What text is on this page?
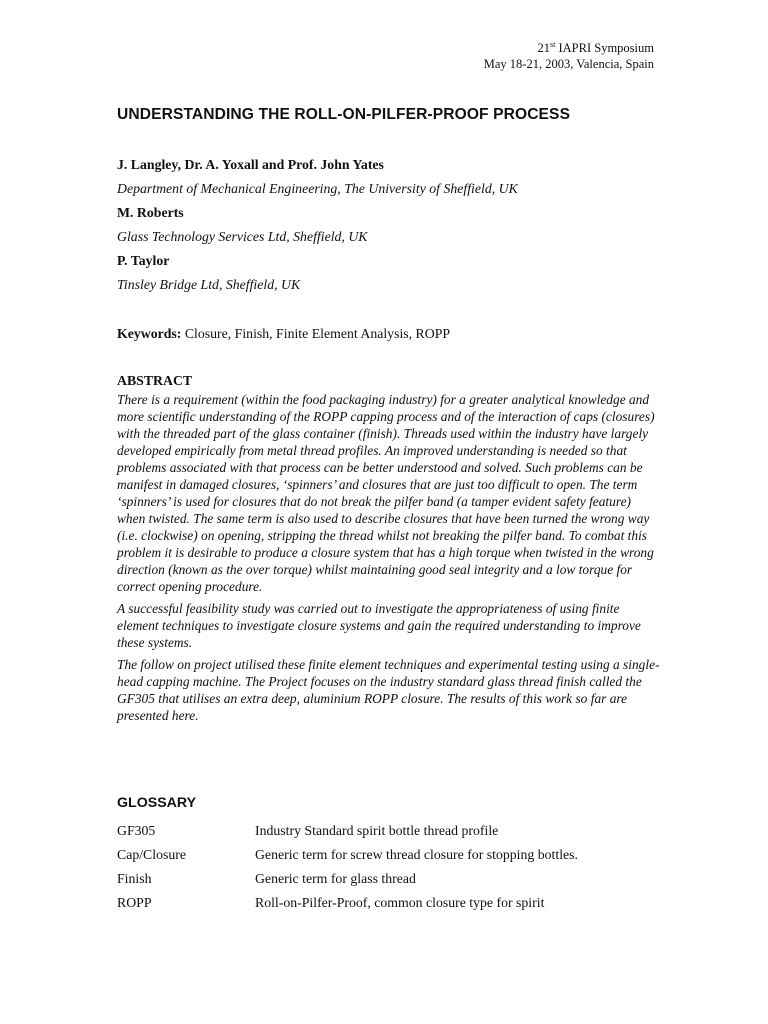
21st IAPRI Symposium
May 18-21, 2003, Valencia, Spain
UNDERSTANDING THE ROLL-ON-PILFER-PROOF PROCESS
J. Langley, Dr. A. Yoxall and Prof. John Yates
Department of Mechanical Engineering, The University of Sheffield, UK
M. Roberts
Glass Technology Services Ltd, Sheffield, UK
P. Taylor
Tinsley Bridge Ltd, Sheffield, UK
Keywords: Closure, Finish, Finite Element Analysis, ROPP
ABSTRACT

There is a requirement (within the food packaging industry) for a greater analytical knowledge and more scientific understanding of the ROPP capping process and of the interaction of caps (closures) with the threaded part of the glass container (finish). Threads used within the industry have largely developed empirically from metal thread profiles. An improved understanding is needed so that problems associated with that process can be better understood and solved. Such problems can be manifest in damaged closures, ‘spinners’ and closures that are just too difficult to open. The term ‘spinners’ is used for closures that do not break the pilfer band (a tamper evident safety feature) when twisted. The same term is also used to describe closures that have been turned the wrong way (i.e. clockwise) on opening, stripping the thread whilst not breaking the pilfer band. To combat this problem it is desirable to produce a closure system that has a high torque when twisted in the wrong direction (known as the over torque) whilst maintaining good seal integrity and a low torque for correct opening procedure.

A successful feasibility study was carried out to investigate the appropriateness of using finite element techniques to investigate closure systems and gain the required understanding to improve these systems.

The follow on project utilised these finite element techniques and experimental testing using a single-head capping machine. The Project focuses on the industry standard glass thread finish called the GF305 that utilises an extra deep, aluminium ROPP closure. The results of this work so far are presented here.

GLOSSARY
GF305	Industry Standard spirit bottle thread profile
Cap/Closure	Generic term for screw thread closure for stopping bottles.
Finish	Generic term for glass thread
ROPP	Roll-on-Pilfer-Proof, common closure type for spirit
